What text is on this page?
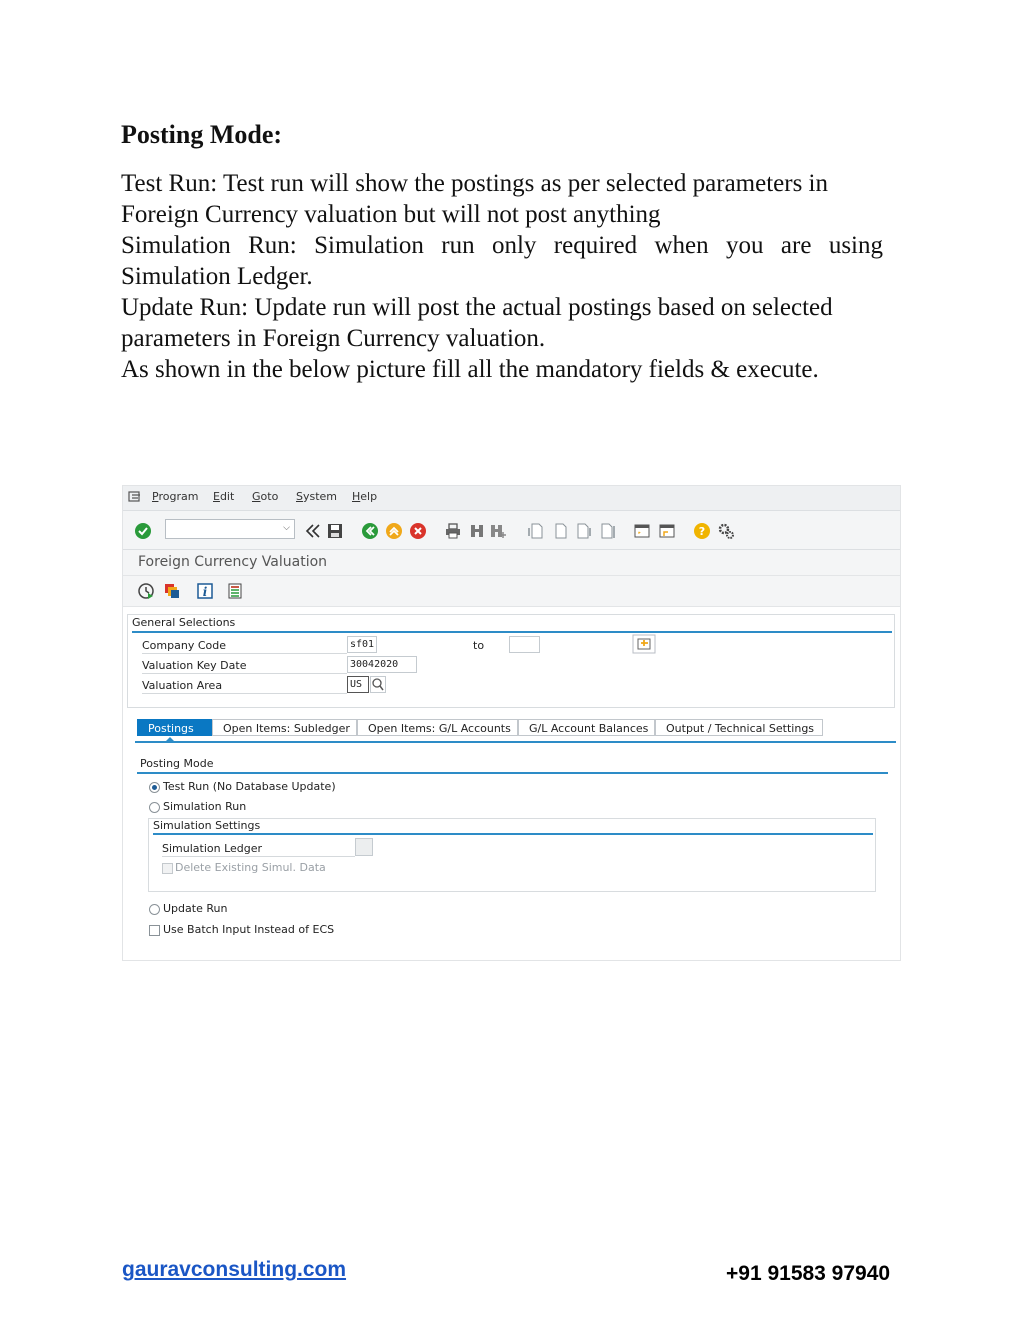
Posting Mode:

Test Run: Test run will show the postings as per selected parameters in Foreign Currency valuation but will not post anything

Simulation Run: Simulation run only required when you are using

Simulation Ledger.

Update Run: Update run will post the actual postings based on selected parameters in Foreign Currency valuation.

As shown in the below picture fill all the mandatory fields & execute.

Program Edit Goto System Help
⌵	?
Foreign Currency Valuation
i
General Selections
Company Code	sf01	to
Valuation Key Date	30042020
Valuation Area	US
Postings	Open Items: Subledger	Open Items: G/L Accounts	G/L Account Balances	Output / Technical Settings
Posting Mode
Test Run (No Database Update)
Simulation Run
Simulation Settings
Simulation Ledger
Delete Existing Simul. Data
Update Run
Use Batch Input Instead of ECS
gauravconsulting.com	+91 91583 97940
